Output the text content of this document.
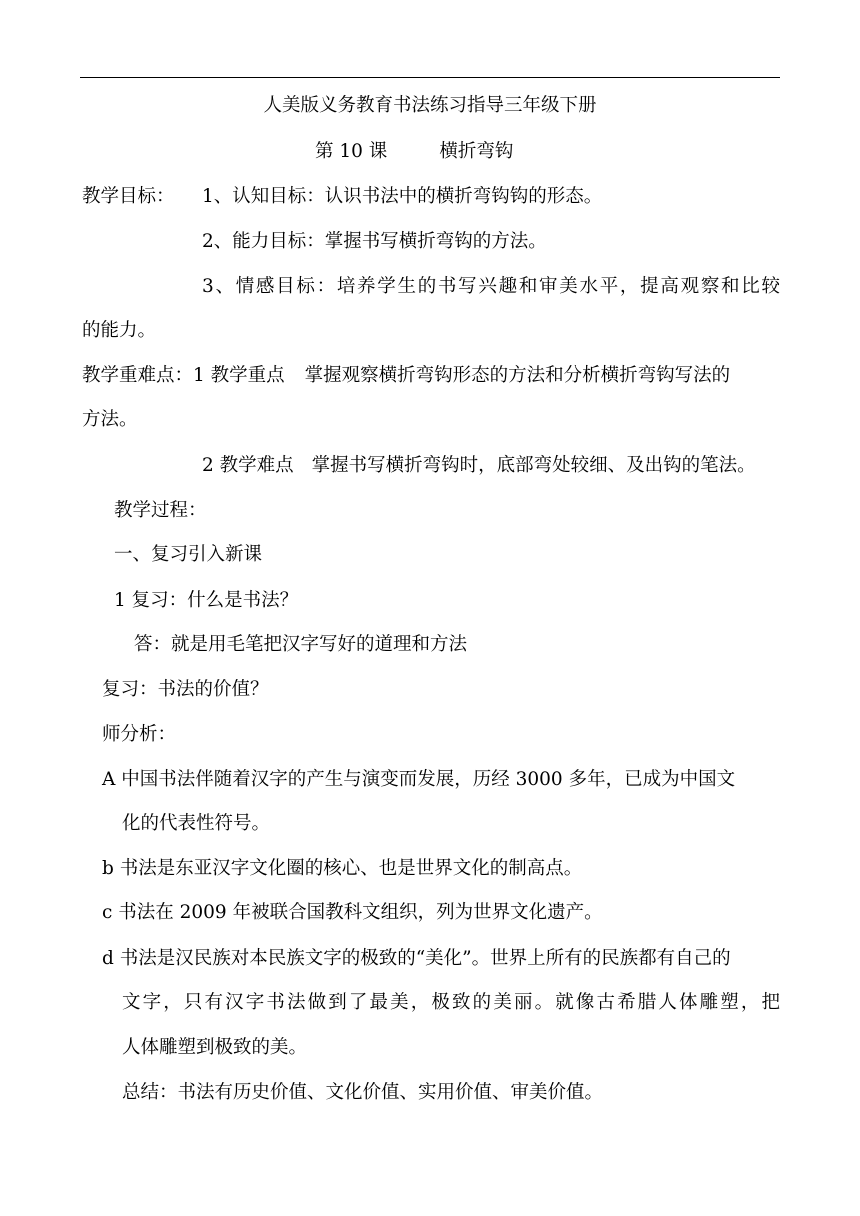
人美版义务教育书法练习指导三年级下册
第 10 课	横折弯钩
教学目标： 1、认知目标：认识书法中的横折弯钩钩的形态。
2、能力目标：掌握书写横折弯钩的方法。
3、情感目标：培养学生的书写兴趣和审美水平，提高观察和比较
的能力。
教学重难点：1 教学重点 掌握观察横折弯钩形态的方法和分析横折弯钩写法的
方法。
2 教学难点 掌握书写横折弯钩时，底部弯处较细、及出钩的笔法。
教学过程：
一、复习引入新课
1 复习：什么是书法？
答：就是用毛笔把汉字写好的道理和方法
复习：书法的价值？
师分析：
A 中国书法伴随着汉字的产生与演变而发展，历经 3000 多年，已成为中国文
化的代表性符号。
b 书法是东亚汉字文化圈的核心、也是世界文化的制高点。
c 书法在 2009 年被联合国教科文组织，列为世界文化遗产。
d 书法是汉民族对本民族文字的极致的“美化”。世界上所有的民族都有自己的
文字，只有汉字书法做到了最美，极致的美丽。就像古希腊人体雕塑，把
人体雕塑到极致的美。
总结：书法有历史价值、文化价值、实用价值、审美价值。
